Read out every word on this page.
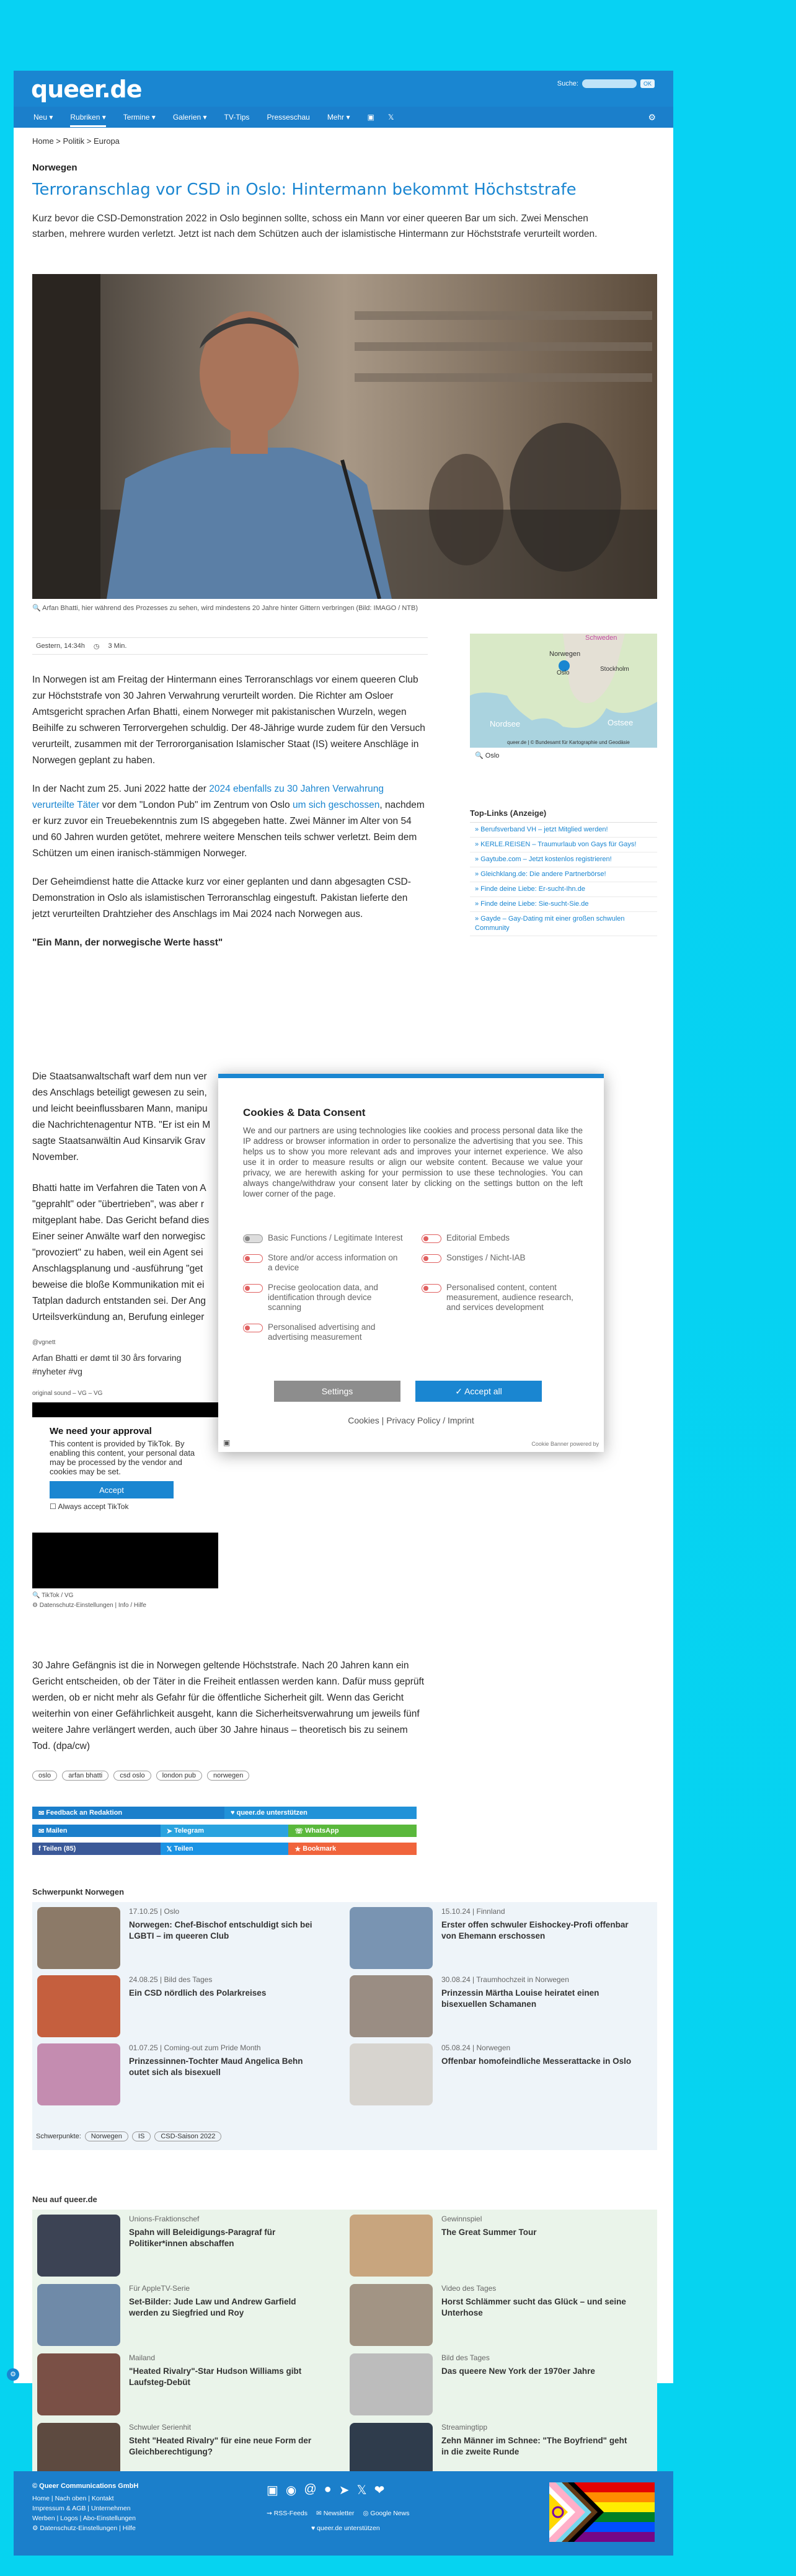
queer.de	Suche:	OK
Neu ▾ Rubriken ▾ Termine ▾ Galerien ▾ TV-Tips Presseschau Mehr ▾ ▣ 𝕏	⚙
Home > Politik > Europa
Norwegen
Terroranschlag vor CSD in Oslo: Hintermann bekommt Höchststrafe
Kurz bevor die CSD-Demonstration 2022 in Oslo beginnen sollte, schoss ein Mann vor einer queeren Bar um sich. Zwei Menschen starben, mehrere wurden verletzt. Jetzt ist nach dem Schützen auch der islamistische Hintermann zur Höchststrafe verurteilt worden.
🔍 Arfan Bhatti, hier während des Prozesses zu sehen, wird mindestens 20 Jahre hinter Gittern verbringen (Bild: IMAGO / NTB)
Gestern, 14:34h ◷ 3 Min.

In Norwegen ist am Freitag der Hintermann eines Terroranschlags vor einem queeren Club zur Höchststrafe von 30 Jahren Verwahrung verurteilt worden. Die Richter am Osloer Amtsgericht sprachen Arfan Bhatti, einem Norweger mit pakistanischen Wurzeln, wegen Beihilfe zu schweren Terrorvergehen schuldig. Der 48-Jährige wurde zudem für den Versuch verurteilt, zusammen mit der Terrororganisation Islamischer Staat (IS) weitere Anschläge in Norwegen geplant zu haben.

In der Nacht zum 25. Juni 2022 hatte der 2024 ebenfalls zu 30 Jahren Verwahrung verurteilte Täter vor dem "London Pub" im Zentrum von Oslo um sich geschossen, nachdem er kurz zuvor ein Treuebekenntnis zum IS abgegeben hatte. Zwei Männer im Alter von 54 und 60 Jahren wurden getötet, mehrere weitere Menschen teils schwer verletzt. Beim dem Schützen um einen iranisch-stämmigen Norweger.

Der Geheimdienst hatte die Attacke kurz vor einer geplanten und dann abgesagten CSD-Demonstration in Oslo als islamistischen Terroranschlag eingestuft. Pakistan lieferte den jetzt verurteilten Drahtzieher des Anschlags im Mai 2024 nach Norwegen aus.

"Ein Mann, der norwegische Werte hasst"
Die Staatsanwaltschaft warf dem nun ver
des Anschlags beteiligt gewesen zu sein,
und leicht beeinflussbaren Mann, manipu
die Nachrichtenagentur NTB. "Er ist ein M
sagte Staatsanwältin Aud Kinsarvik Grav
November.
Bhatti hatte im Verfahren die Taten von A
"geprahlt" oder "übertrieben", was aber r
mitgeplant habe. Das Gericht befand dies
Einer seiner Anwälte warf den norwegisc
"provoziert" zu haben, weil ein Agent sei
Anschlagsplanung und -ausführung "get
beweise die bloße Kommunikation mit ei
Tatplan dadurch entstanden sei. Der Ang
Urteilsverkündung an, Berufung einleger
@vgnett
Arfan Bhatti er dømt til 30 års forvaring
#nyheter #vg
original sound – VG – VG
We need your approval
This content is provided by TikTok. By enabling this content, your personal data may be processed by the vendor and cookies may be set.
Accept
☐ Always accept TikTok
🔍 TikTok / VG
⚙ Datenschutz-Einstellungen | Info / Hilfe
30 Jahre Gefängnis ist die in Norwegen geltende Höchststrafe. Nach 20 Jahren kann ein Gericht entscheiden, ob der Täter in die Freiheit entlassen werden kann. Dafür muss geprüft werden, ob er nicht mehr als Gefahr für die öffentliche Sicherheit gilt. Wenn das Gericht weiterhin von einer Gefährlichkeit ausgeht, kann die Sicherheitsverwahrung um jeweils fünf weitere Jahre verlängert werden, auch über 30 Jahre hinaus – theoretisch bis zu seinem Tod. (dpa/cw)
oslo	arfan bhatti	csd oslo	london pub	norwegen
✉ Feedback an Redaktion	♥ queer.de unterstützen
✉ Mailen	➤ Telegram	☏ WhatsApp
f Teilen (85)	𝕏 Teilen	★ Bookmark
Norwegen
Schweden
Oslo
Stockholm
Nordsee	Ostsee
queer.de | © Bundesamt für Kartographie und Geodäsie
🔍 Oslo
Top-Links (Anzeige)
» Berufsverband VH – jetzt Mitglied werden!
» KERLE.REISEN – Traumurlaub von Gays für Gays!
» Gaytube.com – Jetzt kostenlos registrieren!
» Gleichklang.de: Die andere Partnerbörse!
» Finde deine Liebe: Er-sucht-Ihn.de
» Finde deine Liebe: Sie-sucht-Sie.de
» Gayde – Gay-Dating mit einer großen schwulen Community
Schwerpunkt Norwegen
17.10.25 | Oslo
Norwegen: Chef-Bischof entschuldigt sich bei LGBTI – im queeren Club
15.10.24 | Finnland
Erster offen schwuler Eishockey-Profi offenbar von Ehemann erschossen
24.08.25 | Bild des Tages
Ein CSD nördlich des Polarkreises
30.08.24 | Traumhochzeit in Norwegen
Prinzessin Märtha Louise heiratet einen bisexuellen Schamanen
01.07.25 | Coming-out zum Pride Month
Prinzessinnen-Tochter Maud Angelica Behn outet sich als bisexuell
05.08.24 | Norwegen
Offenbar homofeindliche Messerattacke in Oslo
Schwerpunkte:	Norwegen	IS	CSD-Saison 2022
Neu auf queer.de
Unions-Fraktionschef
Spahn will Beleidigungs-Paragraf für Politiker*innen abschaffen
Gewinnspiel
The Great Summer Tour
Für AppleTV-Serie
Set-Bilder: Jude Law und Andrew Garfield werden zu Siegfried und Roy
Video des Tages
Horst Schlämmer sucht das Glück – und seine Unterhose
Mailand
"Heated Rivalry"-Star Hudson Williams gibt Laufsteg-Debüt
Bild des Tages
Das queere New York der 1970er Jahre
Schwuler Serienhit
Steht "Heated Rivalry" für eine neue Form der Gleichberechtigung?
Streamingtipp
Zehn Männer im Schnee: "The Boyfriend" geht in die zweite Runde
Cookies & Data Consent
We and our partners are using technologies like cookies and process personal data like the IP address or browser information in order to personalize the advertising that you see. This helps us to show you more relevant ads and improves your internet experience. We also use it in order to measure results or align our website content. Because we value your privacy, we are herewith asking for your permission to use these technologies. You can always change/withdraw your consent later by clicking on the settings button on the left lower corner of the page.
Basic Functions / Legitimate Interest	Editorial Embeds
Store and/or access information on a device
Sonstiges / Nicht-IAB
Precise geolocation data, and identification through device scanning
Personalised content, content measurement, audience research, and services development
Personalised advertising and advertising measurement
Settings	✓ Accept all
Cookies | Privacy Policy / Imprint
▣	Cookie Banner powered by
⚙
© Queer Communications GmbH
Home | Nach oben | Kontakt
Impressum & AGB | Unternehmen
Werben | Logos | Abo-Einstellungen
⚙ Datenschutz-Einstellungen | Hilfe
▣ ◉ @ ● ➤ 𝕏 ❤
⇝ RSS-Feeds ✉ Newsletter ◎ Google News
♥ queer.de unterstützen
